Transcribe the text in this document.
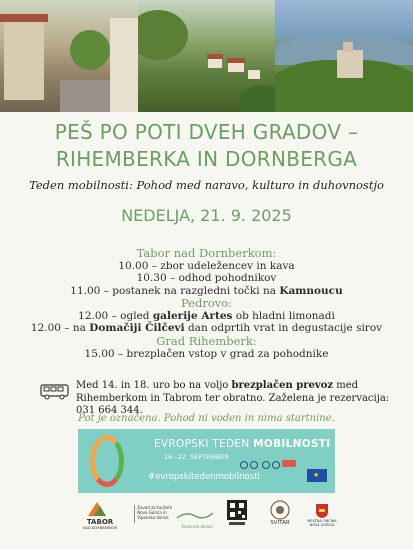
PEŠ PO POTI DVEH GRADOV –
RIHEMBERKA IN DORNBERGA
Teden mobilnosti: Pohod med naravo, kulturo in duhovnostjo
NEDELJA, 21. 9. 2025
Tabor nad Dornberkom:
10.00 – zbor udeležencev in kava
10.30 – odhod pohodnikov
11.00 – postanek na razgledni točki na Kamnoucu
Pedrovo:
12.00 – ogled galerije Artes ob hladni limonadi
12.00 – na Domačiji Čilčevi dan odprtih vrat in degustacije sirov
Grad Rihemberk:
15.00 – brezplačen vstop v grad za pohodnike
Med 14. in 18. uro bo na voljo brezplačen prevoz med Rihemberkom in Tabrom ter obratno. Zaželena je rezervacija: 031 664 344.
Pot je označena. Pohod ni voden in nima startnine.
EVROPSKI TEDEN MOBILNOSTI
16.–22. SEPTEMBER
#evropskitedenmobilnosti	★
TABOR
NAD DORNBERKOM
Zavod za turizem Nova Gorica in Vipavska dolina
Vipavska dolina
SVITAR	MESTNA OBČINA NOVA GORICA
